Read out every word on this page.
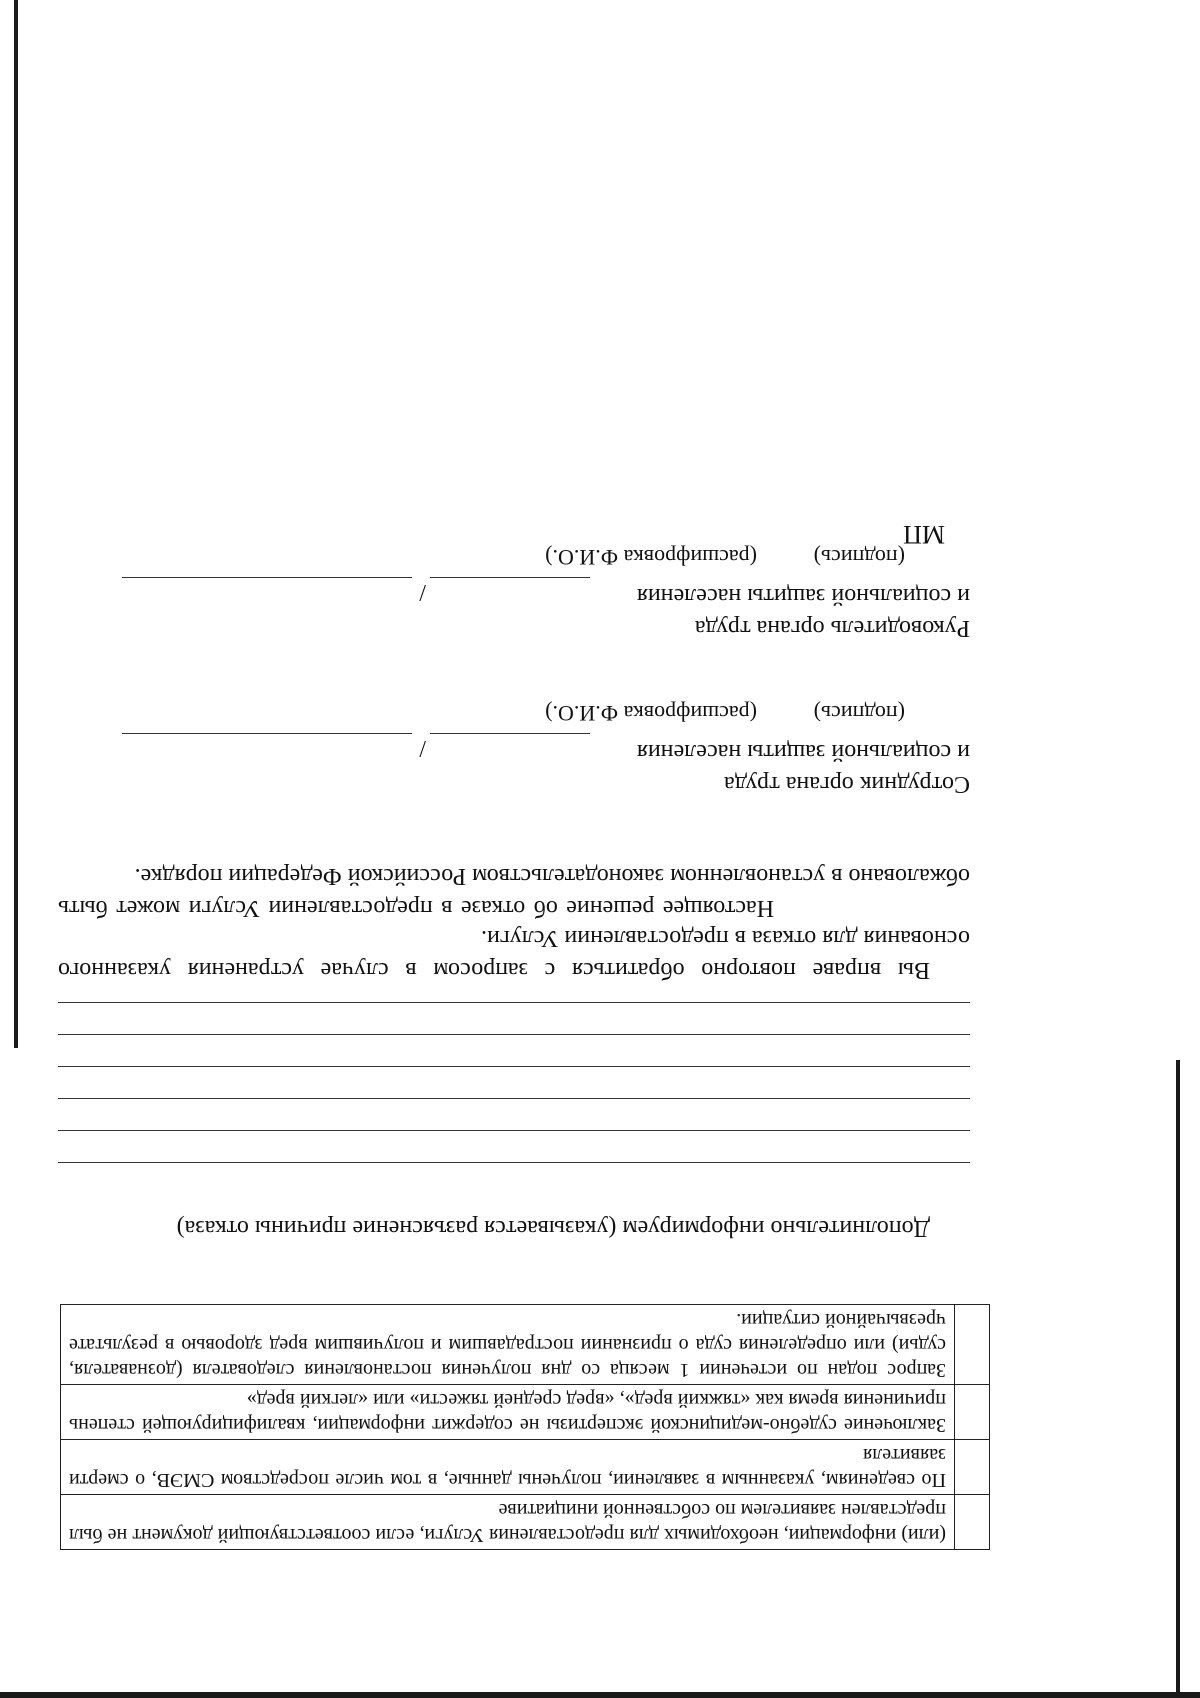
	(или) информации, необходимых для предоставления Услуги, если соответствующий документ не был представлен заявителем по собственной инициативе
	По сведениям, указанным в заявлении, получены данные, в том числе посредством СМЭВ, о смерти заявителя
	Заключение судебно-медицинской экспертизы не содержит информации, квалифицирующей степень причинения время как «тяжкий вред», «вред средней тяжести» или «легкий вред»
	Запрос подан по истечении 1 месяца со дня получения постановления следователя (дознавателя, судьи) или определения суда о признании пострадавшим и получившим вред здоровью в результате чрезвычайной ситуации.
Дополнительно информируем (указывается разъяснение причины отказа)
Вы вправе повторно обратиться с запросом в случае устранения указанного основания для отказа в предоставлении Услуги.
Настоящее решение об отказе в предоставлении Услуги может быть обжаловано в установленном законодательством Российской Федерации порядке.
Сотрудник органа труда
и социальной защиты населения
/
(подпись)
(расшифровка Ф.И.О.)
Руководитель органа труда
и социальной защиты населения
/
(подпись)
(расшифровка Ф.И.О.)
МП
